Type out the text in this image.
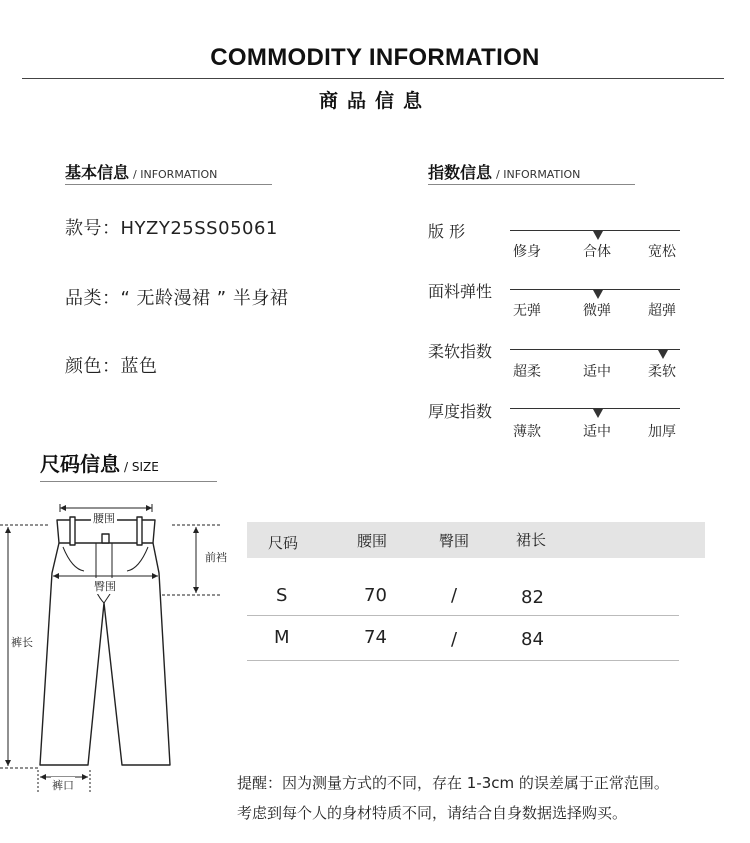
COMMODITY INFORMATION
商品信息
基本信息 / INFORMATION
款号：HYZY25SS05061
品类：“ 无龄漫裙 ” 半身裙
颜色：蓝色
指数信息 / INFORMATION
版 形
修身	合体	宽松
面料弹性
无弹	微弹	超弹
柔软指数
超柔	适中	柔软
厚度指数
薄款	适中	加厚
尺码信息 / SIZE
腰围
臀围
前裆
裤长
裤口
尺码	腰围	臀围	裙长
S	70	/	82
M	74	/	84
提醒：因为测量方式的不同，存在 1-3cm 的误差属于正常范围。
考虑到每个人的身材特质不同，请结合自身数据选择购买。
